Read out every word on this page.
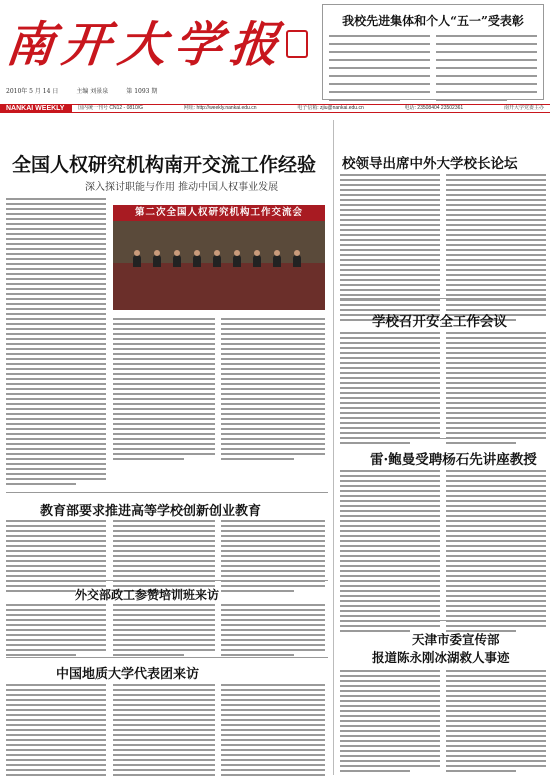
南开大学报
2010年 5 月 14 日	主编 刘景泉	第 1093 期
我校先进集体和个人“五一”受表彰
NANKAI WEEKLY	国内统一刊号 CN12 - 0810/G	网址: http://weekly.nankai.edu.cn	电子信箱: zjiu@nankai.edu.cn	电话: 23508404 23502361	南开大学党委主办
全国人权研究机构南开交流工作经验
深入探讨职能与作用 推动中国人权事业发展
第二次全国人权研究机构工作交流会
教育部要求推进高等学校创新创业教育
外交部政工参赞培训班来访
中国地质大学代表团来访
校领导出席中外大学校长论坛
学校召开安全工作会议
雷·鲍曼受聘杨石先讲座教授
天津市委宣传部
报道陈永刚冰湖救人事迹
